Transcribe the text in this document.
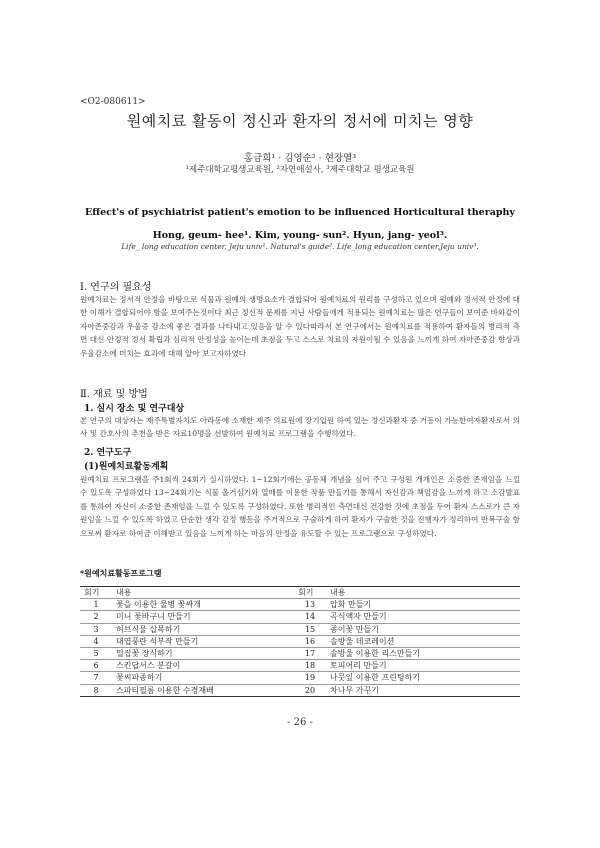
<O2-080611>
원예치료 활동이 정신과 환자의 정서에 미치는 영향
홍금희¹ · 김영순² · 현장열³
¹제주대학교평생교육원, ²자연애설사, ³제주대학교 평생교육원
Effect's of psychiatrist patient's emotion to be influenced Horticultural theraphy
Hong, geum- hee¹. Kim, young- sun². Hyun, jang- yeol³.
Life_ long education center, Jeju univ¹. Natural's guide². Life_long education center,Jeju univ³.
Ⅰ. 연구의 필요성

원예치료는 정서적 안정을 바탕으로 식물과 원예의 생명요소가 결합되어 원예치료의 원리를 구성하고 있으며 원예와 정서적 안정에 대한 이해가 결합되어야 함을 보여주는것이다 최근 정신적 문제를 지닌 사람들에게 적용되는 원예치료는 많은 연구들이 보여준 바와같이 자아존중감과 우울증 감소에 좋은 결과를 나타내고 있음을 알 수 있다따라서 본 연구에서는 원예치료를 적용하여 환자들의 병리적 측면 대신 안정적 정서 확립과 심리적 안정성을 높이는데 초점을 두고 스스로 치료의 자원이될 수 있음을 느끼게 하여 자아존중감 향상과 우울감소에 미치는 효과에 대해 알아 보고자하였다

Ⅱ. 재료 및 방법
1. 실시 장소 및 연구대상

본 연구의 대상자는 제주특별자치도 아라동에 소재한 제주 의료원에 장기입원 하여 있는 정신과환자 중 거동이 가능한여자환자로서 의사 및 간호사의 추천을 받은 자료10명을 선발하여 원예치료 프로그램을 수행하였다.

2. 연구도구
(1)원예치료활동계획

원예치료 프로그램을 주1회씩 24회기 실시하였다. 1~12회기에는 공동체 개념을 심어 주고 구성원 개개인은 소중한 존재임을 느낄 수 있도록 구성하였다 13~24회기는 식물 올거심기와 열매를 이용한 작품 만들기를 통해서 자신감과 책임감을 느끼게 하고 소감발표를 통하여 자신이 소중한 존재임을 느낄 수 있도록 구성하였다. 또한 병리적인 측면대신 건강한 것에 초점을 두어 환자 스스로가 큰 자원임을 느낄 수 있도록 하였고 단순한 생각 감정 행동을 주거적으로 구술하게 하여 환자가 구술한 것을 진행자가 정리하여 반복구술 함으로써 환자로 하여금 이해받고 있음을 느끼게 하는 마음의 안정을 유도할 수 있는 프로그램으로 구성하였다.

*원예치료활동프로그램
회기	내용	회기	내용
1	꽃을 이용한 물병 꽃싸개	13	압화 만들기
2	미니 꽃바구니 만들기	14	곡식액자 만들기
3	허브식물 삽목하기	15	종이꽃 만들기
4	대엽풍란 석부작 만들기	16	솔방울 데코레이션
5	밀집꽃 장식하기	17	솔방울 이용한 리스만들기
6	스킨답서스 분갈이	18	토피어리 만들기
7	꽃씨파종하기	19	나뭇잎 이용한 프린팅하기
8	스파티필름 이용한 수경재배	20	차나무 가꾸기
- 26 -
